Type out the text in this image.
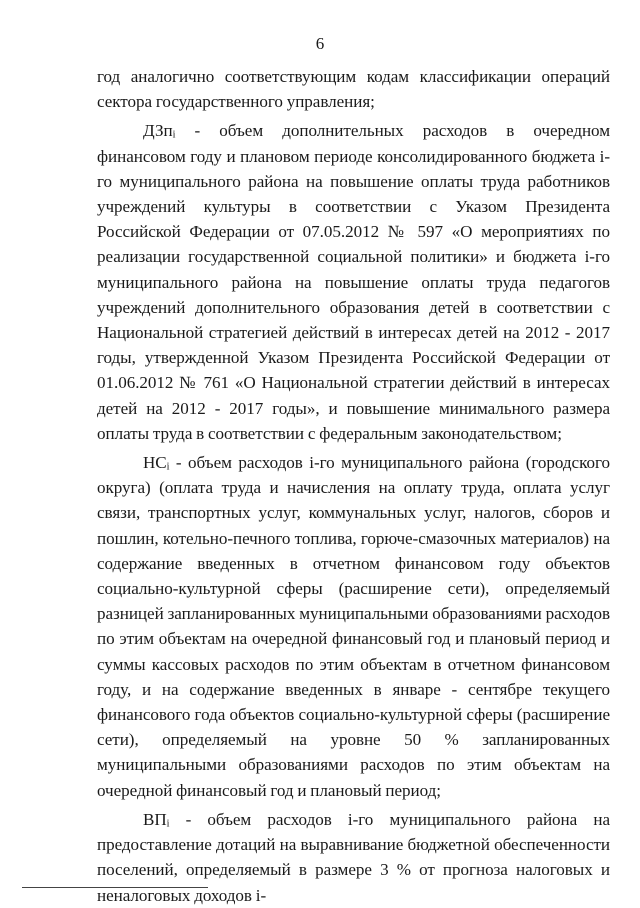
6

год аналогично соответствующим кодам классификации операций сектора государственного управления;

ДЗпᵢ - объем дополнительных расходов в очередном финансовом году и плановом периоде консолидированного бюджета i-го муниципального района на повышение оплаты труда работников учреждений культуры в соответствии с Указом Президента Российской Федерации от 07.05.2012 № 597 «О мероприятиях по реализации государственной социальной политики» и бюджета i-го муниципального района на повышение оплаты труда педагогов учреждений дополнительного образования детей в соответствии с Национальной стратегией действий в интересах детей на 2012 - 2017 годы, утвержденной Указом Президента Российской Федерации от 01.06.2012 № 761 «О Национальной стратегии действий в интересах детей на 2012 - 2017 годы», и повышение минимального размера оплаты труда в соответствии с федеральным законодательством;

НСᵢ - объем расходов i-го муниципального района (городского округа) (оплата труда и начисления на оплату труда, оплата услуг связи, транспортных услуг, коммунальных услуг, налогов, сборов и пошлин, котельно-печного топлива, горюче-смазочных материалов) на содержание введенных в отчетном финансовом году объектов социально-культурной сферы (расширение сети), определяемый разницей запланированных муниципальными образованиями расходов по этим объектам на очередной финансовый год и плановый период и суммы кассовых расходов по этим объектам в отчетном финансовом году, и на содержание введенных в январе - сентябре текущего финансового года объектов социально-культурной сферы (расширение сети), определяемый на уровне 50 % запланированных муниципальными образованиями расходов по этим объектам на очередной финансовый год и плановый период;

ВПᵢ - объем расходов i-го муниципального района на предоставление дотаций на выравнивание бюджетной обеспеченности поселений, определяемый в размере 3 % от прогноза налоговых и неналоговых доходов i-
